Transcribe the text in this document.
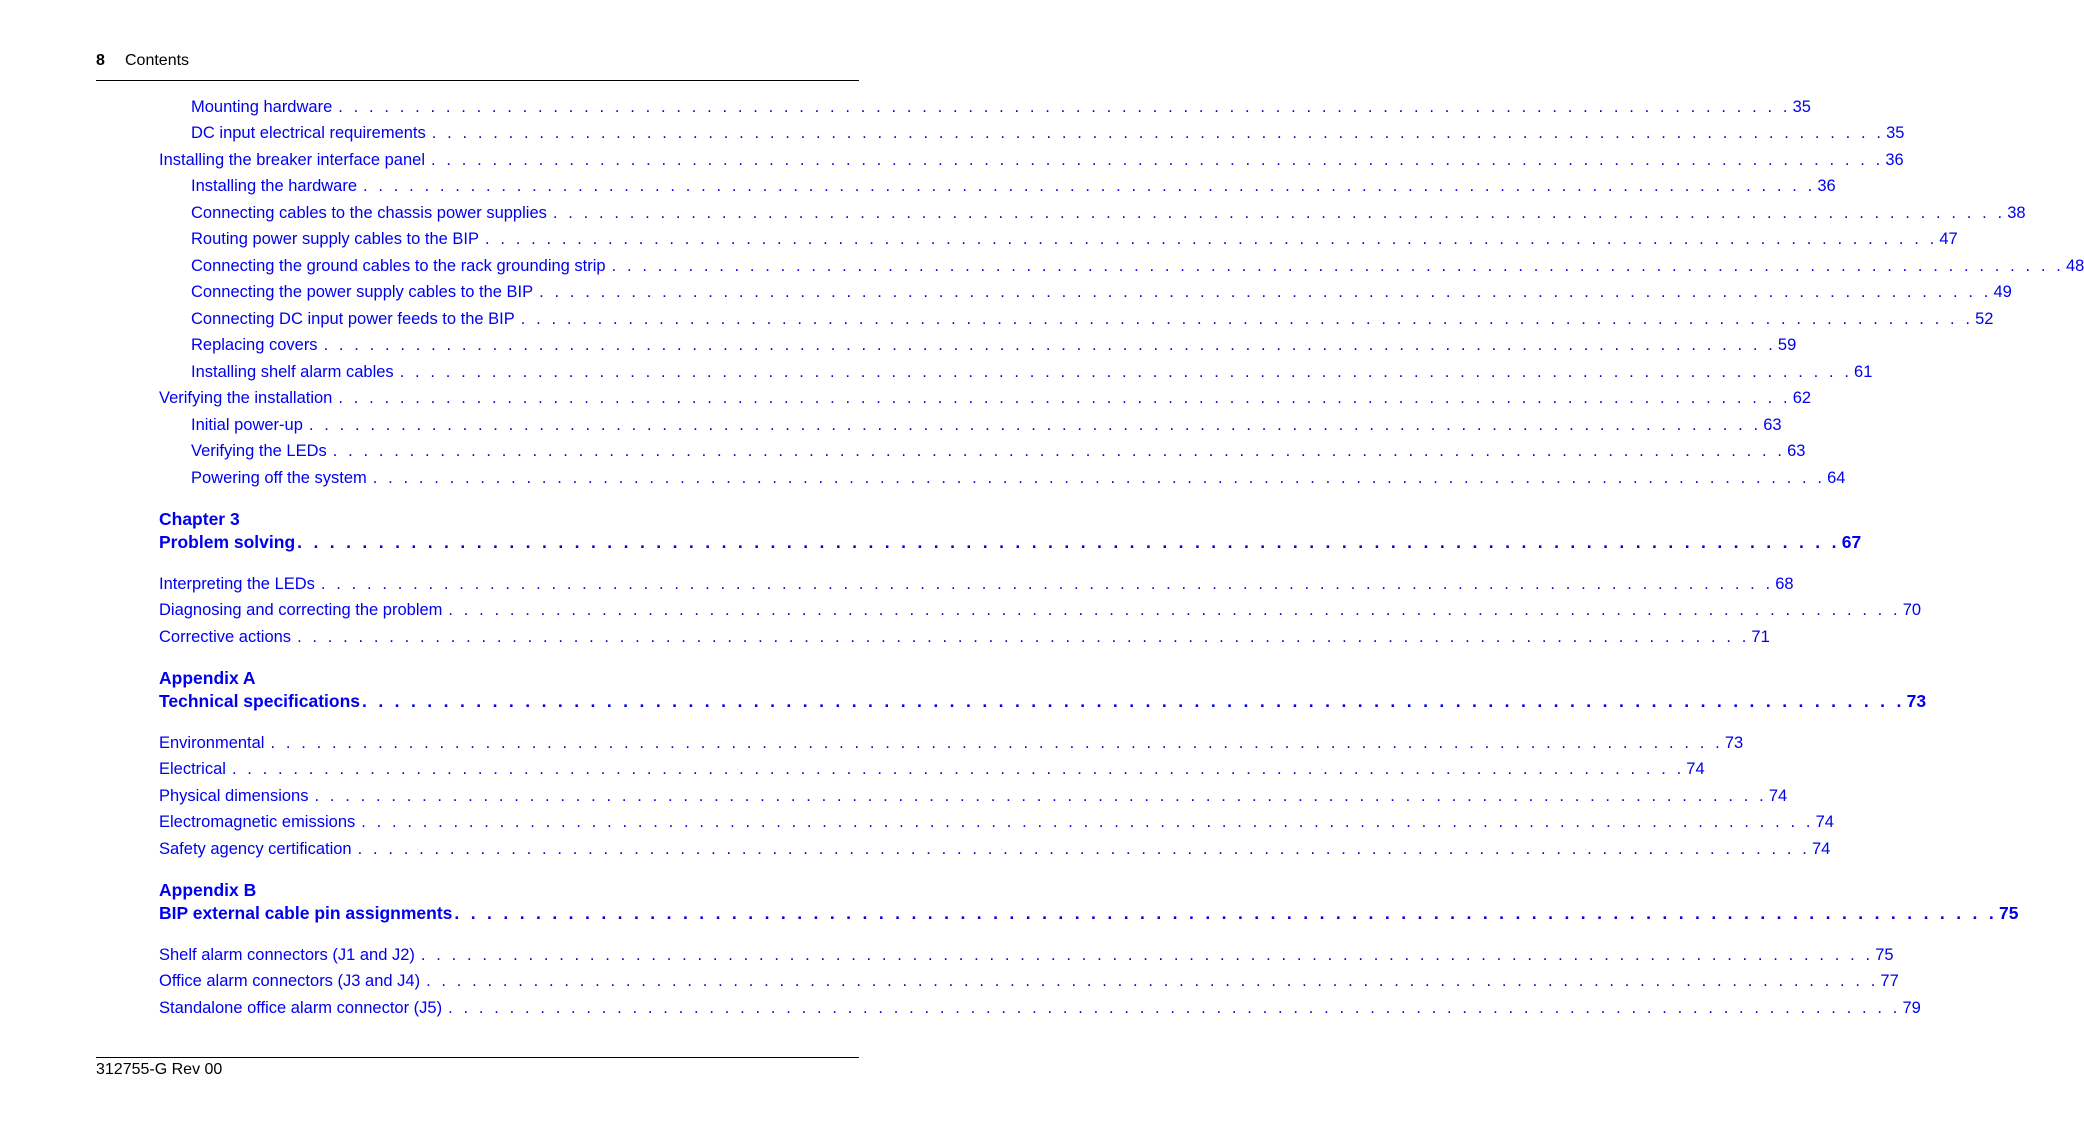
8 Contents
Mounting hardware . . . . . . . . . . . . . . . . . . . . . . . . . . . . . . . . . . . . . . . . . . . . . . . . . . . . . . . . . . . . . . . . . . . . . . . . . . . . . . . . . . . . . . . . . . . . . . . 35
DC input electrical requirements . . . . . . . . . . . . . . . . . . . . . . . . . . . . . . . . . . . . . . . . . . . . . . . . . . . . . . . . . . . . . . . . . . . . . . . . . . . . . . . . . . . . . . . . . . . . . . . 35
Installing the breaker interface panel . . . . . . . . . . . . . . . . . . . . . . . . . . . . . . . . . . . . . . . . . . . . . . . . . . . . . . . . . . . . . . . . . . . . . . . . . . . . . . . . . . . . . . . . . . . . . . . 36
Installing the hardware . . . . . . . . . . . . . . . . . . . . . . . . . . . . . . . . . . . . . . . . . . . . . . . . . . . . . . . . . . . . . . . . . . . . . . . . . . . . . . . . . . . . . . . . . . . . . . . 36
Connecting cables to the chassis power supplies . . . . . . . . . . . . . . . . . . . . . . . . . . . . . . . . . . . . . . . . . . . . . . . . . . . . . . . . . . . . . . . . . . . . . . . . . . . . . . . . . . . . . . . . . . . . . . . 38
Routing power supply cables to the BIP . . . . . . . . . . . . . . . . . . . . . . . . . . . . . . . . . . . . . . . . . . . . . . . . . . . . . . . . . . . . . . . . . . . . . . . . . . . . . . . . . . . . . . . . . . . . . . . 47
Connecting the ground cables to the rack grounding strip . . . . . . . . . . . . . . . . . . . . . . . . . . . . . . . . . . . . . . . . . . . . . . . . . . . . . . . . . . . . . . . . . . . . . . . . . . . . . . . . . . . . . . . . . . . . . . . 48
Connecting the power supply cables to the BIP . . . . . . . . . . . . . . . . . . . . . . . . . . . . . . . . . . . . . . . . . . . . . . . . . . . . . . . . . . . . . . . . . . . . . . . . . . . . . . . . . . . . . . . . . . . . . . . 49
Connecting DC input power feeds to the BIP . . . . . . . . . . . . . . . . . . . . . . . . . . . . . . . . . . . . . . . . . . . . . . . . . . . . . . . . . . . . . . . . . . . . . . . . . . . . . . . . . . . . . . . . . . . . . . . 52
Replacing covers . . . . . . . . . . . . . . . . . . . . . . . . . . . . . . . . . . . . . . . . . . . . . . . . . . . . . . . . . . . . . . . . . . . . . . . . . . . . . . . . . . . . . . . . . . . . . . . 59
Installing shelf alarm cables . . . . . . . . . . . . . . . . . . . . . . . . . . . . . . . . . . . . . . . . . . . . . . . . . . . . . . . . . . . . . . . . . . . . . . . . . . . . . . . . . . . . . . . . . . . . . . . 61
Verifying the installation . . . . . . . . . . . . . . . . . . . . . . . . . . . . . . . . . . . . . . . . . . . . . . . . . . . . . . . . . . . . . . . . . . . . . . . . . . . . . . . . . . . . . . . . . . . . . . . 62
Initial power-up . . . . . . . . . . . . . . . . . . . . . . . . . . . . . . . . . . . . . . . . . . . . . . . . . . . . . . . . . . . . . . . . . . . . . . . . . . . . . . . . . . . . . . . . . . . . . . . 63
Verifying the LEDs . . . . . . . . . . . . . . . . . . . . . . . . . . . . . . . . . . . . . . . . . . . . . . . . . . . . . . . . . . . . . . . . . . . . . . . . . . . . . . . . . . . . . . . . . . . . . . . 63
Powering off the system . . . . . . . . . . . . . . . . . . . . . . . . . . . . . . . . . . . . . . . . . . . . . . . . . . . . . . . . . . . . . . . . . . . . . . . . . . . . . . . . . . . . . . . . . . . . . . . 64
Chapter 3
Problem solving . . . . . . . . . . . . . . . . . . . . . . . . . . . . . . . . . . . . . . . . . . . . . . . . . . . . . . . . . . . . . . . . . . . . . . . . . . . . . . . . . . . . . . . . . . . . . . . 67
Interpreting the LEDs . . . . . . . . . . . . . . . . . . . . . . . . . . . . . . . . . . . . . . . . . . . . . . . . . . . . . . . . . . . . . . . . . . . . . . . . . . . . . . . . . . . . . . . . . . . . . . . 68
Diagnosing and correcting the problem . . . . . . . . . . . . . . . . . . . . . . . . . . . . . . . . . . . . . . . . . . . . . . . . . . . . . . . . . . . . . . . . . . . . . . . . . . . . . . . . . . . . . . . . . . . . . . . 70
Corrective actions . . . . . . . . . . . . . . . . . . . . . . . . . . . . . . . . . . . . . . . . . . . . . . . . . . . . . . . . . . . . . . . . . . . . . . . . . . . . . . . . . . . . . . . . . . . . . . . 71
Appendix A
Technical specifications . . . . . . . . . . . . . . . . . . . . . . . . . . . . . . . . . . . . . . . . . . . . . . . . . . . . . . . . . . . . . . . . . . . . . . . . . . . . . . . . . . . . . . . . . . . . . . . 73
Environmental . . . . . . . . . . . . . . . . . . . . . . . . . . . . . . . . . . . . . . . . . . . . . . . . . . . . . . . . . . . . . . . . . . . . . . . . . . . . . . . . . . . . . . . . . . . . . . . 73
Electrical . . . . . . . . . . . . . . . . . . . . . . . . . . . . . . . . . . . . . . . . . . . . . . . . . . . . . . . . . . . . . . . . . . . . . . . . . . . . . . . . . . . . . . . . . . . . . . . 74
Physical dimensions . . . . . . . . . . . . . . . . . . . . . . . . . . . . . . . . . . . . . . . . . . . . . . . . . . . . . . . . . . . . . . . . . . . . . . . . . . . . . . . . . . . . . . . . . . . . . . . 74
Electromagnetic emissions . . . . . . . . . . . . . . . . . . . . . . . . . . . . . . . . . . . . . . . . . . . . . . . . . . . . . . . . . . . . . . . . . . . . . . . . . . . . . . . . . . . . . . . . . . . . . . . 74
Safety agency certification . . . . . . . . . . . . . . . . . . . . . . . . . . . . . . . . . . . . . . . . . . . . . . . . . . . . . . . . . . . . . . . . . . . . . . . . . . . . . . . . . . . . . . . . . . . . . . . 74
Appendix B
BIP external cable pin assignments . . . . . . . . . . . . . . . . . . . . . . . . . . . . . . . . . . . . . . . . . . . . . . . . . . . . . . . . . . . . . . . . . . . . . . . . . . . . . . . . . . . . . . . . . . . . . . . 75
Shelf alarm connectors (J1 and J2) . . . . . . . . . . . . . . . . . . . . . . . . . . . . . . . . . . . . . . . . . . . . . . . . . . . . . . . . . . . . . . . . . . . . . . . . . . . . . . . . . . . . . . . . . . . . . . . 75
Office alarm connectors (J3 and J4) . . . . . . . . . . . . . . . . . . . . . . . . . . . . . . . . . . . . . . . . . . . . . . . . . . . . . . . . . . . . . . . . . . . . . . . . . . . . . . . . . . . . . . . . . . . . . . . 77
Standalone office alarm connector (J5) . . . . . . . . . . . . . . . . . . . . . . . . . . . . . . . . . . . . . . . . . . . . . . . . . . . . . . . . . . . . . . . . . . . . . . . . . . . . . . . . . . . . . . . . . . . . . . . 79
312755-G Rev 00
